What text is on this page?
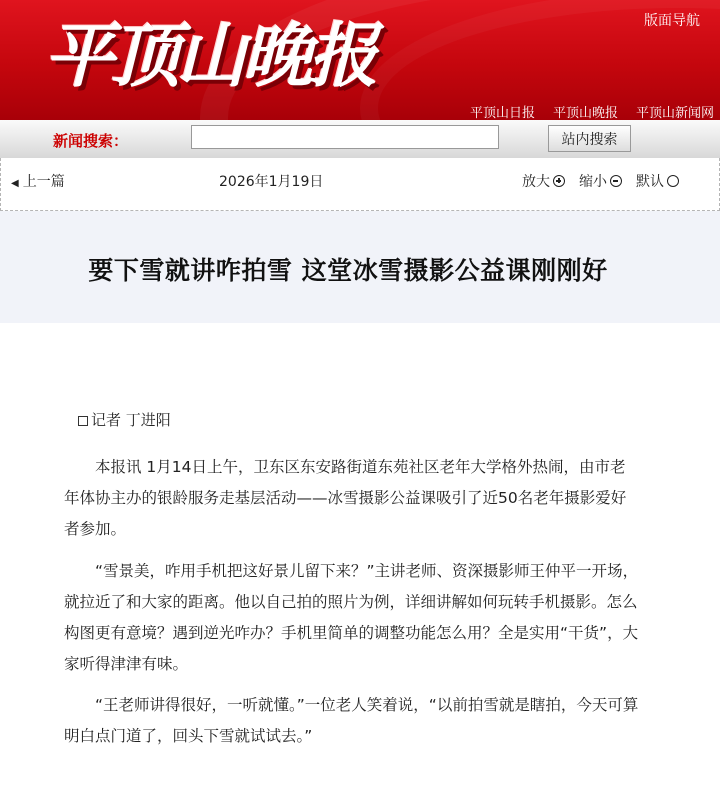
平顶山晚报	版面导航
平顶山日报 平顶山晚报 平顶山新闻网
新闻搜索：	站内搜索
◀ 上一篇	2026年1月19日	放大 缩小 默认
要下雪就讲咋拍雪 这堂冰雪摄影公益课刚刚好
记者 丁进阳

本报讯 1月14日上午，卫东区东安路街道东苑社区老年大学格外热闹，由市老年体协主办的银龄服务走基层活动——冰雪摄影公益课吸引了近50名老年摄影爱好者参加。

“雪景美，咋用手机把这好景儿留下来？”主讲老师、资深摄影师王仲平一开场，就拉近了和大家的距离。他以自己拍的照片为例，详细讲解如何玩转手机摄影。怎么构图更有意境？遇到逆光咋办？手机里简单的调整功能怎么用？全是实用“干货”，大家听得津津有味。

“王老师讲得很好，一听就懂。”一位老人笑着说，“以前拍雪就是瞎拍，今天可算明白点门道了，回头下雪就试试去。”
